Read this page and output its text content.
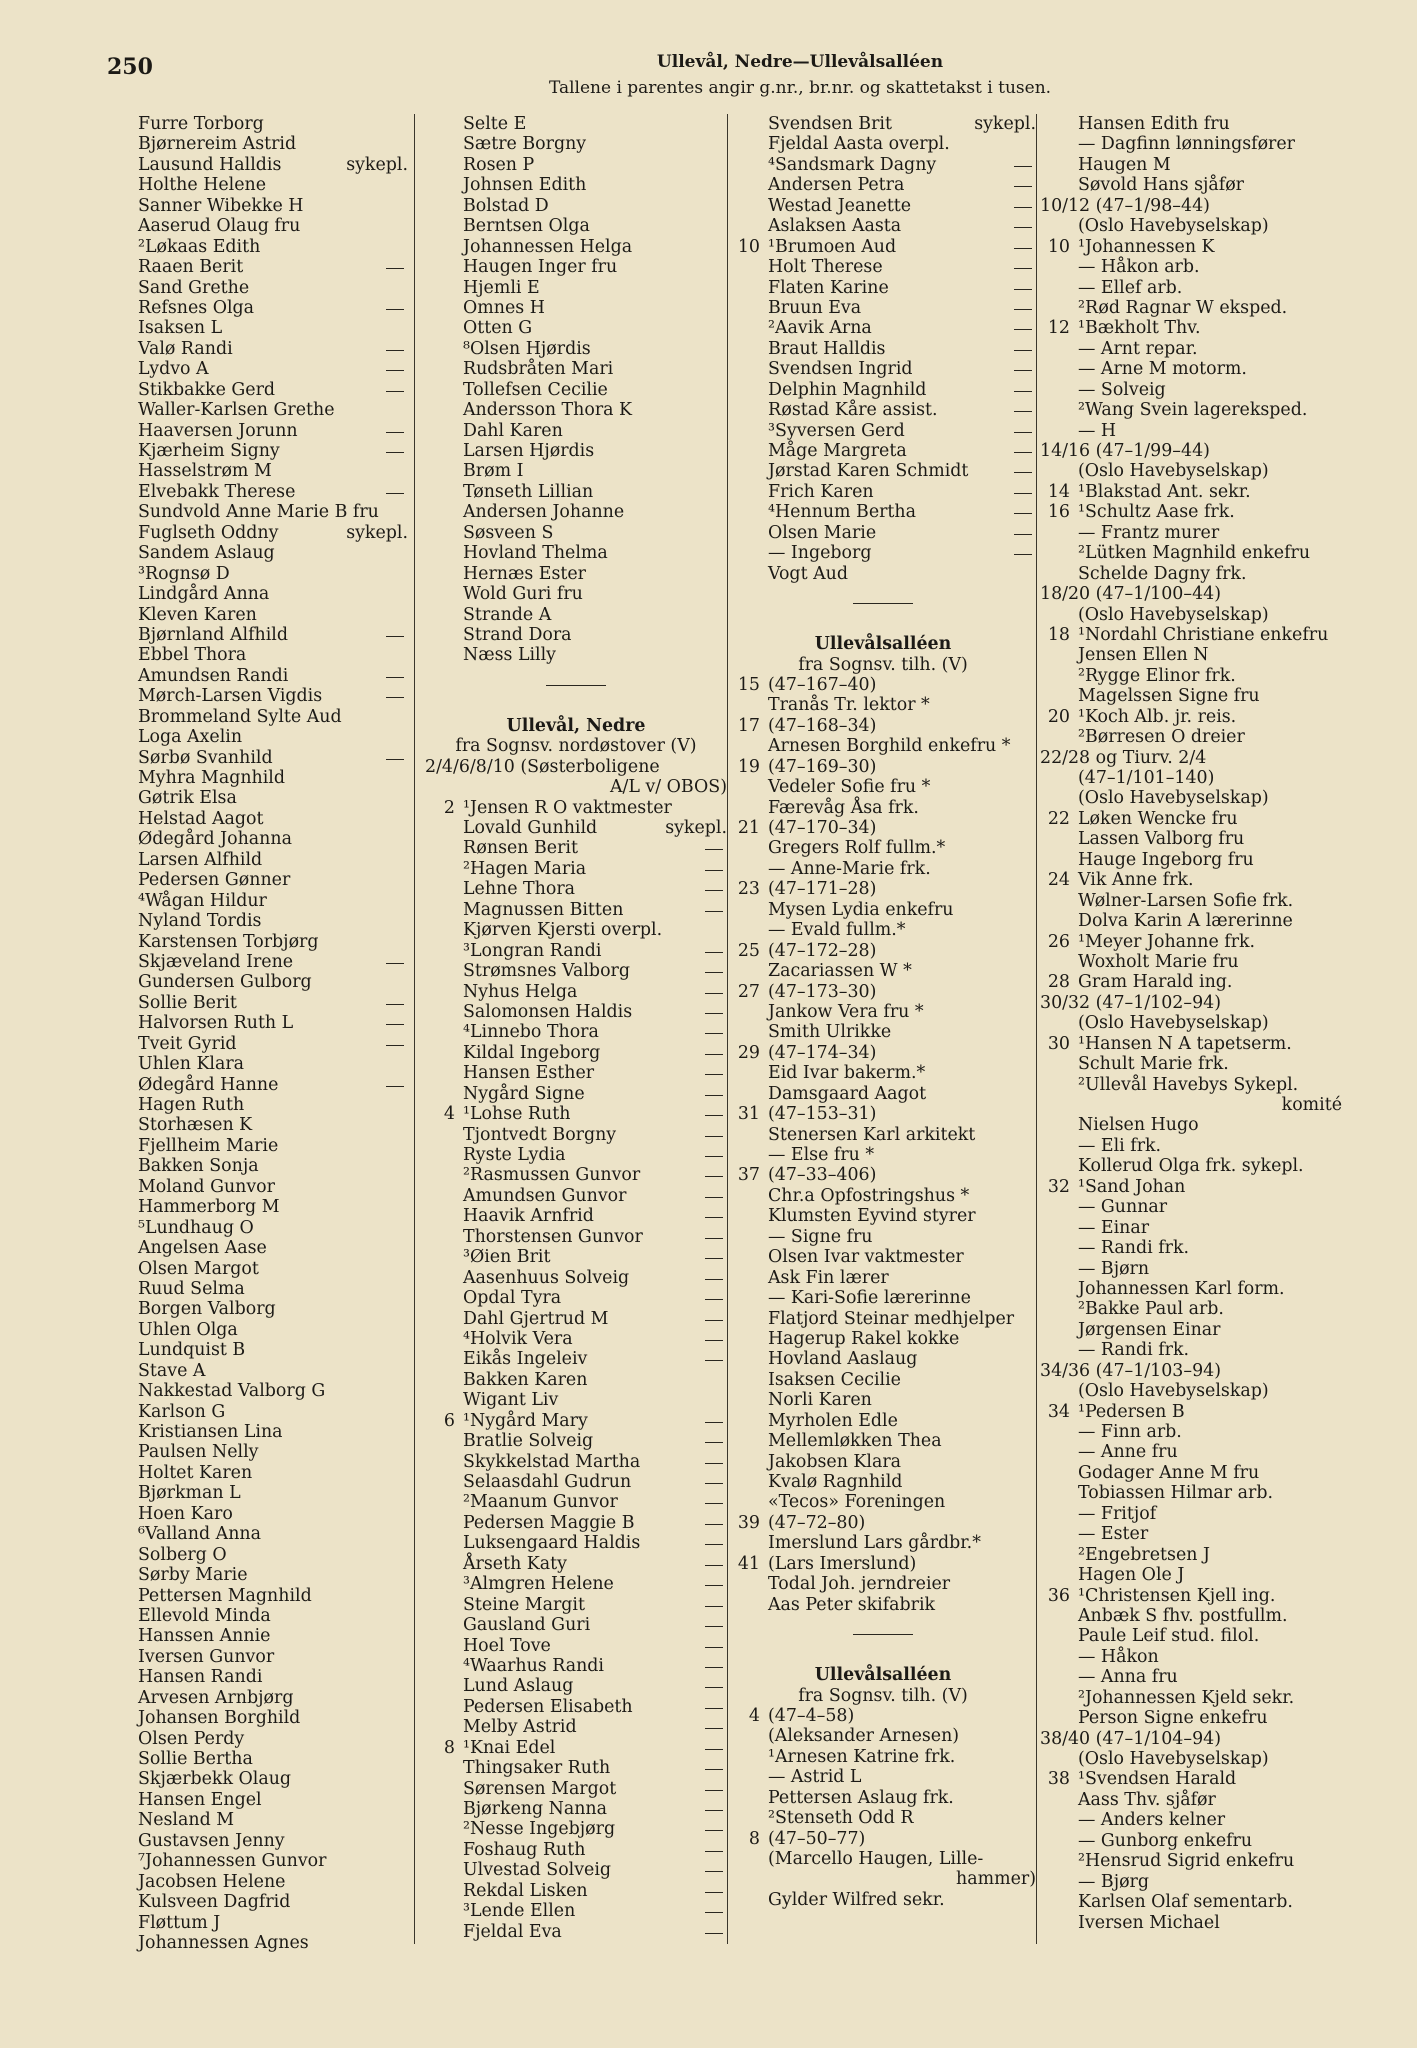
250	Ullevål, Nedre—Ullevålsalléen
Tallene i parentes angir g.nr., br.nr. og skattetakst i tusen.
Furre Torborg
Bjørnereim Astrid
Lausund Halldis	sykepl.
Holthe Helene
Sanner Wibekke H
Aaserud Olaug fru
²Løkaas Edith
Raaen Berit
Sand Grethe
Refsnes Olga
Isaksen L
Valø Randi
Lydvo A
Stikbakke Gerd
Waller-Karlsen Grethe
Haaversen Jorunn
Kjærheim Signy
Hasselstrøm M
Elvebakk Therese
Sundvold Anne Marie B fru
Fuglseth Oddny	sykepl.
Sandem Aslaug
³Rognsø D
Lindgård Anna
Kleven Karen
Bjørnland Alfhild
Ebbel Thora
Amundsen Randi
Mørch-Larsen Vigdis
Brommeland Sylte Aud
Loga Axelin
Sørbø Svanhild
Myhra Magnhild
Gøtrik Elsa
Helstad Aagot
Ødegård Johanna
Larsen Alfhild
Pedersen Gønner
⁴Wågan Hildur
Nyland Tordis
Karstensen Torbjørg
Skjæveland Irene
Gundersen Gulborg
Sollie Berit
Halvorsen Ruth L
Tveit Gyrid
Uhlen Klara
Ødegård Hanne
Hagen Ruth
Storhæsen K
Fjellheim Marie
Bakken Sonja
Moland Gunvor
Hammerborg M
⁵Lundhaug O
Angelsen Aase
Olsen Margot
Ruud Selma
Borgen Valborg
Uhlen Olga
Lundquist B
Stave A
Nakkestad Valborg G
Karlson G
Kristiansen Lina
Paulsen Nelly
Holtet Karen
Bjørkman L
Hoen Karo
⁶Valland Anna
Solberg O
Sørby Marie
Pettersen Magnhild
Ellevold Minda
Hanssen Annie
Iversen Gunvor
Hansen Randi
Arvesen Arnbjørg
Johansen Borghild
Olsen Perdy
Sollie Bertha
Skjærbekk Olaug
Hansen Engel
Nesland M
Gustavsen Jenny
⁷Johannessen Gunvor
Jacobsen Helene
Kulsveen Dagfrid
Fløttum J
Johannessen Agnes
Selte E
Sætre Borgny
Rosen P
Johnsen Edith
Bolstad D
Berntsen Olga
Johannessen Helga
Haugen Inger fru
Hjemli E
Omnes H
Otten G
⁸Olsen Hjørdis
Rudsbråten Mari
Tollefsen Cecilie
Andersson Thora K
Dahl Karen
Larsen Hjørdis
Brøm I
Tønseth Lillian
Andersen Johanne
Søsveen S
Hovland Thelma
Hernæs Ester
Wold Guri fru
Strande A
Strand Dora
Næss Lilly
Ullevål, Nedre
fra Sognsv. nordøstover (V)
2/4/6/8/10 (Søsterboligene
A/L v/ OBOS)
2 ¹Jensen R O vaktmester
Lovald Gunhild	sykepl.
Rønsen Berit
²Hagen Maria
Lehne Thora
Magnussen Bitten
Kjørven Kjersti overpl.
³Longran Randi
Strømsnes Valborg
Nyhus Helga
Salomonsen Haldis
⁴Linnebo Thora
Kildal Ingeborg
Hansen Esther
Nygård Signe
4 ¹Lohse Ruth
Tjontvedt Borgny
Ryste Lydia
²Rasmussen Gunvor
Amundsen Gunvor
Haavik Arnfrid
Thorstensen Gunvor
³Øien Brit
Aasenhuus Solveig
Opdal Tyra
Dahl Gjertrud M
⁴Holvik Vera
Eikås Ingeleiv
Bakken Karen
Wigant Liv
6 ¹Nygård Mary
Bratlie Solveig
Skykkelstad Martha
Selaasdahl Gudrun
²Maanum Gunvor
Pedersen Maggie B
Luksengaard Haldis
Årseth Katy
³Almgren Helene
Steine Margit
Gausland Guri
Hoel Tove
⁴Waarhus Randi
Lund Aslaug
Pedersen Elisabeth
Melby Astrid
8 ¹Knai Edel
Thingsaker Ruth
Sørensen Margot
Bjørkeng Nanna
²Nesse Ingebjørg
Foshaug Ruth
Ulvestad Solveig
Rekdal Lisken
³Lende Ellen
Fjeldal Eva
Svendsen Brit	sykepl.
Fjeldal Aasta overpl.
⁴Sandsmark Dagny
Andersen Petra
Westad Jeanette
Aslaksen Aasta
10 ¹Brumoen Aud
Holt Therese
Flaten Karine
Bruun Eva
²Aavik Arna
Braut Halldis
Svendsen Ingrid
Delphin Magnhild
Røstad Kåre assist.
³Syversen Gerd
Måge Margreta
Jørstad Karen Schmidt
Frich Karen
⁴Hennum Bertha
Olsen Marie
— Ingeborg
Vogt Aud
Ullevålsalléen
fra Sognsv. tilh. (V)
15 (47–167–40)
Tranås Tr. lektor *
17 (47–168–34)
Arnesen Borghild enkefru *
19 (47–169–30)
Vedeler Sofie fru *
Færevåg Åsa frk.
21 (47–170–34)
Gregers Rolf fullm.*
— Anne-Marie frk.
23 (47–171–28)
Mysen Lydia enkefru
— Evald fullm.*
25 (47–172–28)
Zacariassen W *
27 (47–173–30)
Jankow Vera fru *
Smith Ulrikke
29 (47–174–34)
Eid Ivar bakerm.*
Damsgaard Aagot
31 (47–153–31)
Stenersen Karl arkitekt
— Else fru *
37 (47–33–406)
Chr.a Opfostringshus *
Klumsten Eyvind styrer
— Signe fru
Olsen Ivar vaktmester
Ask Fin lærer
— Kari-Sofie lærerinne
Flatjord Steinar medhjelper
Hagerup Rakel kokke
Hovland Aaslaug
Isaksen Cecilie
Norli Karen
Myrholen Edle
Mellemløkken Thea
Jakobsen Klara
Kvalø Ragnhild
«Tecos» Foreningen
39 (47–72–80)
Imerslund Lars gårdbr.*
41 (Lars Imerslund)
Todal Joh. jerndreier
Aas Peter skifabrik
Ullevålsalléen
fra Sognsv. tilh. (V)
4 (47–4–58)
(Aleksander Arnesen)
¹Arnesen Katrine frk.
— Astrid L
Pettersen Aslaug frk.
²Stenseth Odd R
8 (47–50–77)
(Marcello Haugen, Lille-
hammer)
Gylder Wilfred sekr.
Hansen Edith fru
— Dagfinn lønningsfører
Haugen M
Søvold Hans sjåfør
10/12 (47–1/98–44)
(Oslo Havebyselskap)
10 ¹Johannessen K
— Håkon arb.
— Ellef arb.
²Rød Ragnar W eksped.
12 ¹Bækholt Thv.
— Arnt repar.
— Arne M motorm.
— Solveig
²Wang Svein lagereksped.
— H
14/16 (47–1/99–44)
(Oslo Havebyselskap)
14 ¹Blakstad Ant. sekr.
16 ¹Schultz Aase frk.
— Frantz murer
²Lütken Magnhild enkefru
Schelde Dagny frk.
18/20 (47–1/100–44)
(Oslo Havebyselskap)
18 ¹Nordahl Christiane enkefru
Jensen Ellen N
²Rygge Elinor frk.
Magelssen Signe fru
20 ¹Koch Alb. jr. reis.
²Børresen O dreier
22/28 og Tiurv. 2/4
(47–1/101–140)
(Oslo Havebyselskap)
22 Løken Wencke fru
Lassen Valborg fru
Hauge Ingeborg fru
24 Vik Anne frk.
Wølner-Larsen Sofie frk.
Dolva Karin A lærerinne
26 ¹Meyer Johanne frk.
Woxholt Marie fru
28 Gram Harald ing.
30/32 (47–1/102–94)
(Oslo Havebyselskap)
30 ¹Hansen N A tapetserm.
Schult Marie frk.
²Ullevål Havebys Sykepl.
komité
Nielsen Hugo
— Eli frk.
Kollerud Olga frk. sykepl.
32 ¹Sand Johan
— Gunnar
— Einar
— Randi frk.
— Bjørn
Johannessen Karl form.
²Bakke Paul arb.
Jørgensen Einar
— Randi frk.
34/36 (47–1/103–94)
(Oslo Havebyselskap)
34 ¹Pedersen B
— Finn arb.
— Anne fru
Godager Anne M fru
Tobiassen Hilmar arb.
— Fritjof
— Ester
²Engebretsen J
Hagen Ole J
36 ¹Christensen Kjell ing.
Anbæk S fhv. postfullm.
Paule Leif stud. filol.
— Håkon
— Anna fru
²Johannessen Kjeld sekr.
Person Signe enkefru
38/40 (47–1/104–94)
(Oslo Havebyselskap)
38 ¹Svendsen Harald
Aass Thv. sjåfør
— Anders kelner
— Gunborg enkefru
²Hensrud Sigrid enkefru
— Bjørg
Karlsen Olaf sementarb.
Iversen Michael
